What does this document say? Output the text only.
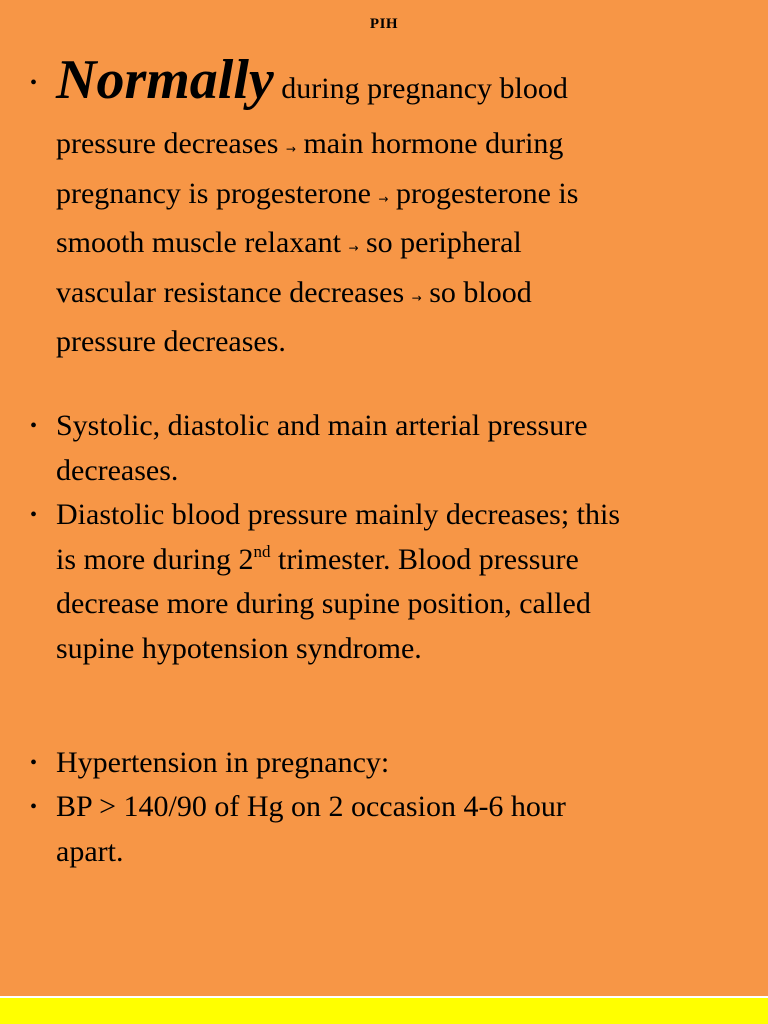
PIH
• Normally during pregnancy blood
pressure decreases → main hormone during
pregnancy is progesterone → progesterone is
smooth muscle relaxant → so peripheral
vascular resistance decreases → so blood
pressure decreases.
• Systolic, diastolic and main arterial pressure
decreases.
• Diastolic blood pressure mainly decreases; this
is more during 2nd trimester. Blood pressure
decrease more during supine position, called
supine hypotension syndrome.
• Hypertension in pregnancy:
• BP > 140/90 of Hg on 2 occasion 4-6 hour
apart.
